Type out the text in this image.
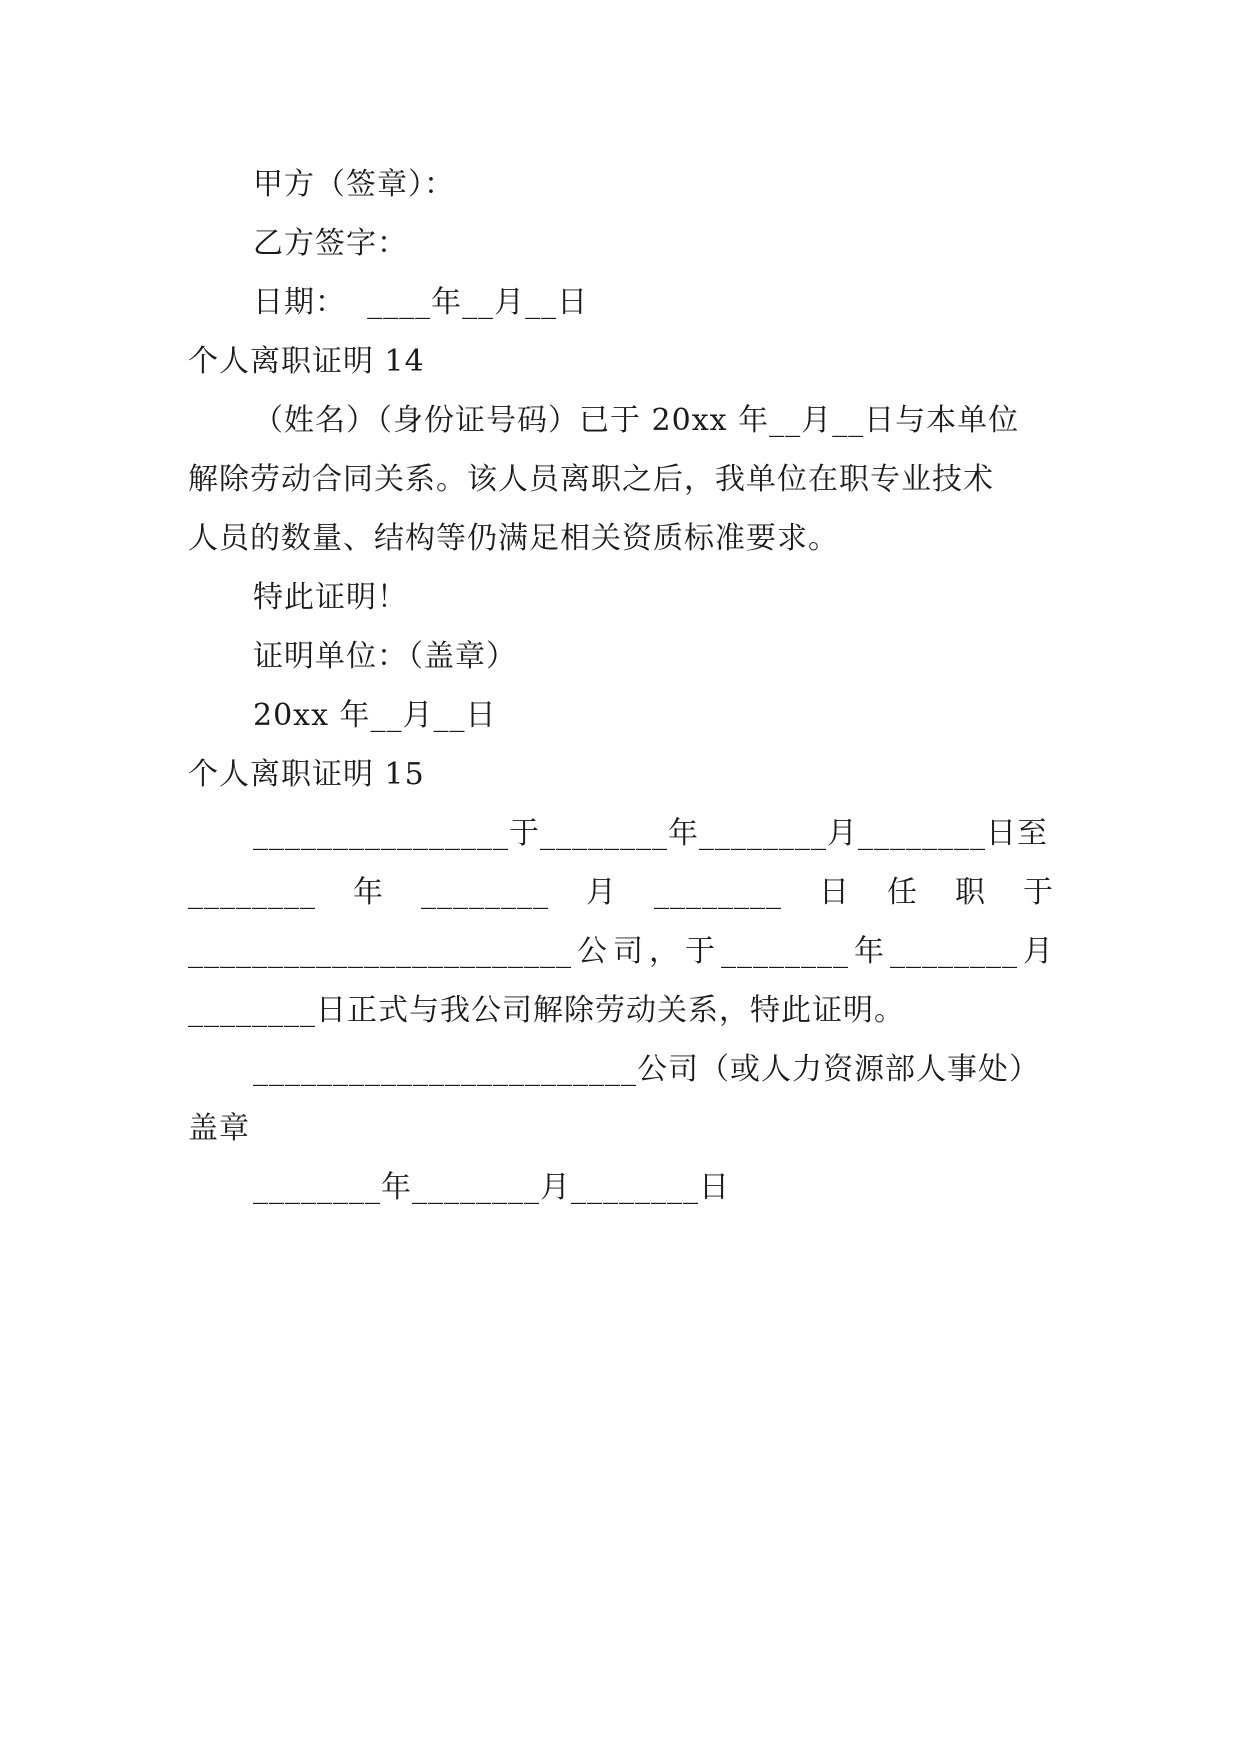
甲方（签章）：
乙方签字：
日期：  ____年__月__日
个人离职证明 14
（姓名）（身份证号码）已于 20xx 年__月__日与本单位
解除劳动合同关系。该人员离职之后，我单位在职专业技术
人员的数量、结构等仍满足相关资质标准要求。
特此证明！
证明单位：（盖章）
20xx 年__月__日
个人离职证明 15
________________于________年________月________日至
________ 年 ________ 月 ________ 日 任 职 于
________________________ 公 司 ， 于 ________ 年 ________ 月
________日正式与我公司解除劳动关系，特此证明。
________________________公司（或人力资源部人事处）
盖章
________年________月________日
